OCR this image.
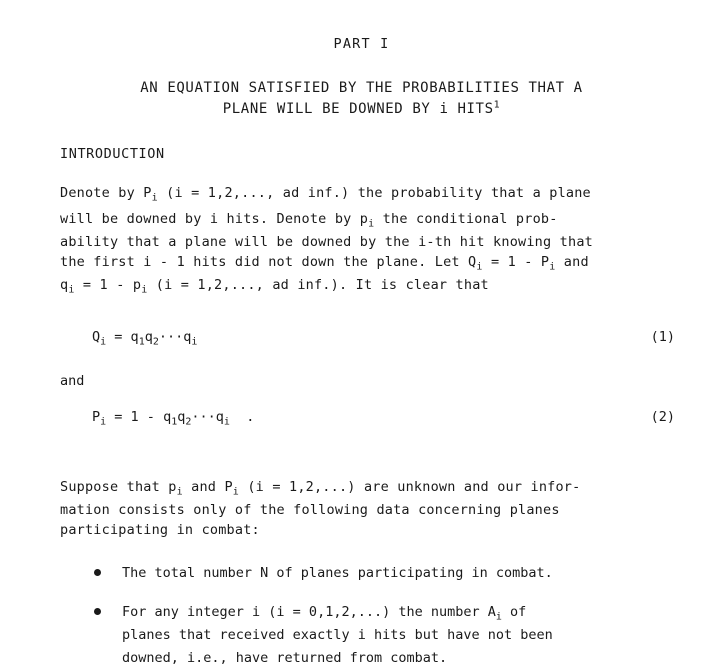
PART I
AN EQUATION SATISFIED BY THE PROBABILITIES THAT A
PLANE WILL BE DOWNED BY i HITS$^1$
INTRODUCTION

Denote by $P_i$ (i = 1,2,..., ad inf.) the probability that a plane

will be downed by i hits. Denote by $p_i$ the conditional prob-

ability that a plane will be downed by the i-th hit knowing that

the first i - 1 hits did not down the plane. Let $Q_i = 1 - P_i$ and

$q_i = 1 - p_i$ (i = 1,2,..., ad inf.). It is clear that

$Q_i = q_1q_2\cdot\cdot\cdot q_i$	(1)
and
$P_i = 1 - q_1q_2\cdot\cdot\cdot q_i$  .	(2)

Suppose that $p_i$ and $P_i$ (i = 1,2,...) are unknown and our infor-

mation consists only of the following data concerning planes

participating in combat:

The total number N of planes participating in combat.
For any integer i (i = 0,1,2,...) the number $A_i$ of
planes that received exactly i hits but have not been
downed, i.e., have returned from combat.
